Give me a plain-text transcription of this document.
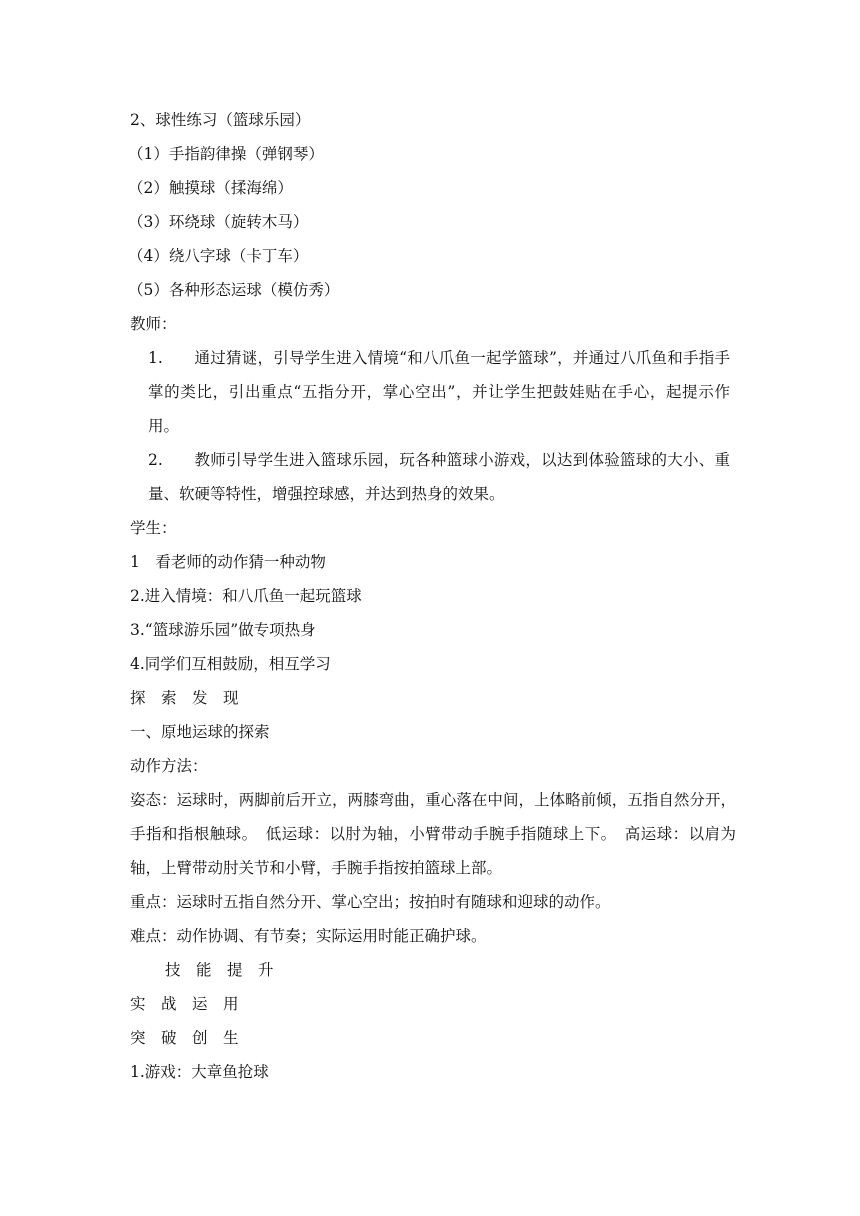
2、球性练习（篮球乐园）
（1）手指韵律操（弹钢琴）
（2）触摸球（揉海绵）
（3）环绕球（旋转木马）
（4）绕八字球（卡丁车）
（5）各种形态运球（模仿秀）
教师：
1.　　通过猜谜，引导学生进入情境“和八爪鱼一起学篮球”，并通过八爪鱼和手指手掌的类比，引出重点“五指分开，掌心空出”，并让学生把鼓娃贴在手心，起提示作用。
2.　　教师引导学生进入篮球乐园，玩各种篮球小游戏，以达到体验篮球的大小、重量、软硬等特性，增强控球感，并达到热身的效果。
学生：
1　看老师的动作猜一种动物
2.进入情境：和八爪鱼一起玩篮球
3.“篮球游乐园”做专项热身
4.同学们互相鼓励，相互学习
探　索　发　现
一、原地运球的探索
动作方法：
姿态：运球时，两脚前后开立，两膝弯曲，重心落在中间，上体略前倾，五指自然分开，手指和指根触球。　低运球：以肘为轴，小臂带动手腕手指随球上下。　高运球：以肩为轴，上臂带动肘关节和小臂，手腕手指按拍篮球上部。
重点：运球时五指自然分开、掌心空出；按拍时有随球和迎球的动作。
难点：动作协调、有节奏；实际运用时能正确护球。
技　能　提　升
实　战　运　用
突　破　创　生
1.游戏：大章鱼抢球
